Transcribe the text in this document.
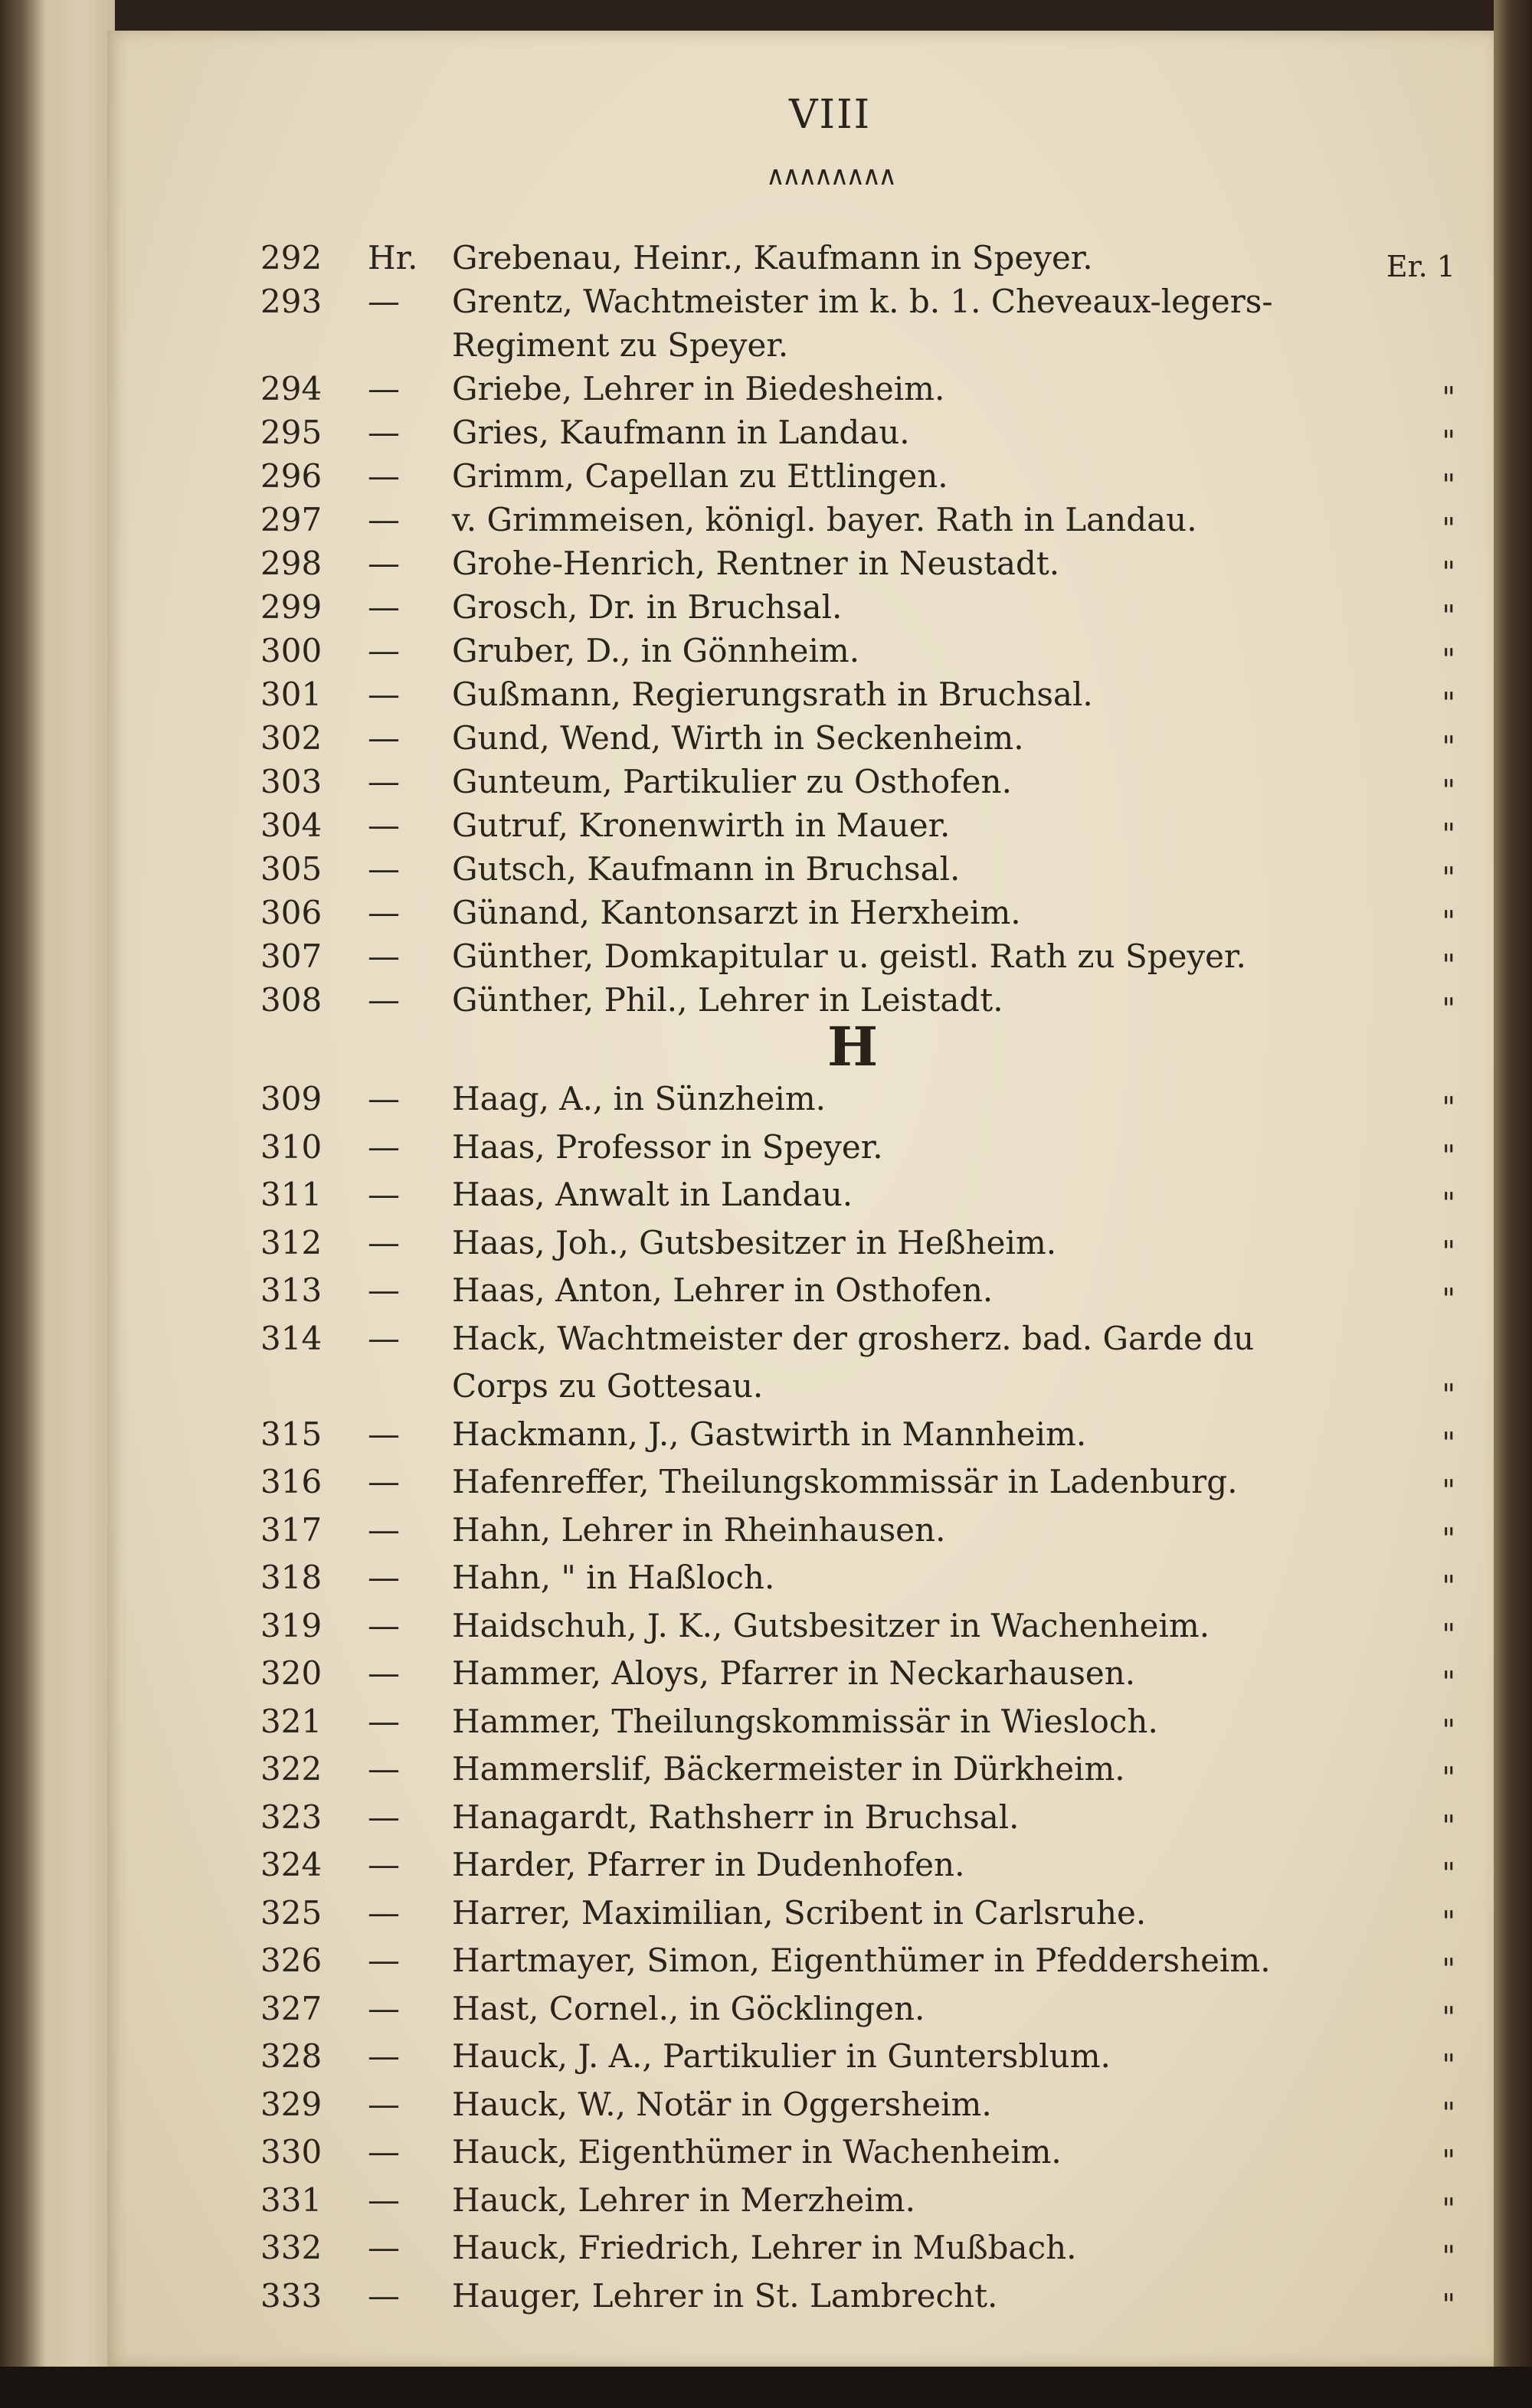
VIII
∧∧∧∧∧∧∧∧
292	Hr. Grebenau, Heinr., Kaufmann in Speyer.	Er. 1
293	— Grentz, Wachtmeister im k. b. 1. Cheveaux-legers-
Regiment zu Speyer.
294	— Griebe, Lehrer in Biedesheim.	"
295	— Gries, Kaufmann in Landau.	"
296	— Grimm, Capellan zu Ettlingen.	"
297	— v. Grimmeisen, königl. bayer. Rath in Landau.	"
298	— Grohe-Henrich, Rentner in Neustadt.	"
299	— Grosch, Dr. in Bruchsal.	"
300	— Gruber, D., in Gönnheim.	"
301	— Gußmann, Regierungsrath in Bruchsal.	"
302	— Gund, Wend, Wirth in Seckenheim.	"
303	— Gunteum, Partikulier zu Osthofen.	"
304	— Gutruf, Kronenwirth in Mauer.	"
305	— Gutsch, Kaufmann in Bruchsal.	"
306	— Günand, Kantonsarzt in Herxheim.	"
307	— Günther, Domkapitular u. geistl. Rath zu Speyer.	"
308	— Günther, Phil., Lehrer in Leistadt.	"
H
309	— Haag, A., in Sünzheim.	"
310	— Haas, Professor in Speyer.	"
311	— Haas, Anwalt in Landau.	"
312	— Haas, Joh., Gutsbesitzer in Heßheim.	"
313	— Haas, Anton, Lehrer in Osthofen.	"
314	— Hack, Wachtmeister der grosherz. bad. Garde du
Corps zu Gottesau.	"
315	— Hackmann, J., Gastwirth in Mannheim.	"
316	— Hafenreffer, Theilungskommissär in Ladenburg.	"
317	— Hahn, Lehrer in Rheinhausen.	"
318	— Hahn, " in Haßloch.	"
319	— Haidschuh, J. K., Gutsbesitzer in Wachenheim.	"
320	— Hammer, Aloys, Pfarrer in Neckarhausen.	"
321	— Hammer, Theilungskommissär in Wiesloch.	"
322	— Hammerslif, Bäckermeister in Dürkheim.	"
323	— Hanagardt, Rathsherr in Bruchsal.	"
324	— Harder, Pfarrer in Dudenhofen.	"
325	— Harrer, Maximilian, Scribent in Carlsruhe.	"
326	— Hartmayer, Simon, Eigenthümer in Pfeddersheim.	"
327	— Hast, Cornel., in Göcklingen.	"
328	— Hauck, J. A., Partikulier in Guntersblum.	"
329	— Hauck, W., Notär in Oggersheim.	"
330	— Hauck, Eigenthümer in Wachenheim.	"
331	— Hauck, Lehrer in Merzheim.	"
332	— Hauck, Friedrich, Lehrer in Mußbach.	"
333	— Hauger, Lehrer in St. Lambrecht.	"
